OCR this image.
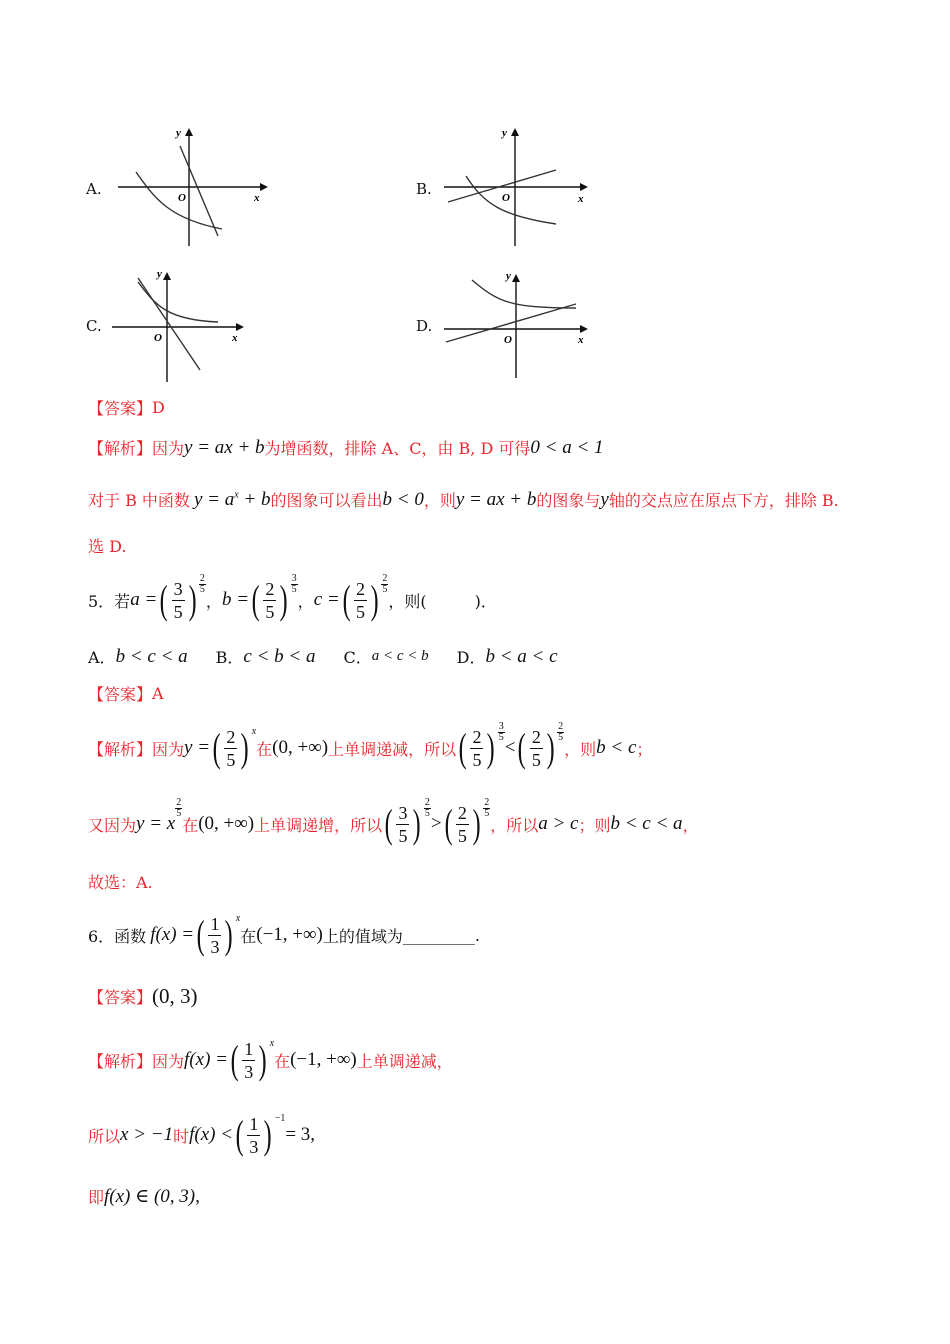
A.
y
x
O	B.
y
x
O
C.
y
x
O
D.
y
x
O
【答案】 D
【解析】 因为 y = ax + b 为增函数，排除 A、C，由 B, D 可得 0 < a < 1
对于 B 中函数 $y = a^x + b$ 的图象可以看出 b < 0 ，则 y = ax + b 的图象与 y 轴的交点应在原点下方，排除 B.
选 D.
5．若 a = ( $\frac{3}{5}$ ) 2
5
， b = ( $\frac{2}{5}$ ) 3
5
， c = ( $\frac{2}{5}$ ) 2
5
，则(　　　)．
A． b < c < a B． c < b < a C． a < c < b D． b < a < c
【答案】 A
【解析】 因为 y = ( $\frac{2}{5}$ ) x
在 (0, +∞) 上单调递减，所以 ( $\frac{2}{5}$ ) 3
5 < ( $\frac{2}{5}$ ) 2
5
，则 b < c ；
又因为 y = x
2
5
在 (0, +∞) 上单调递增，所以 ( $\frac{3}{5}$ ) 2
5 > ( $\frac{2}{5}$ ) 2
5
，所以 a > c ；则 b < c < a ，
故选：A.
6．函数 f(x) = ( $\frac{1}{3}$ ) x
在 (−1, +∞) 上的值域为 _________.
【答案】 (0, 3)
【解析】 因为 f(x) = ( $\frac{1}{3}$ ) x
在 (−1, +∞) 上单调递减，
所以 x > −1 时 f(x) < ( $\frac{1}{3}$ ) −1
= 3,
即 f(x) ∈ (0, 3),
